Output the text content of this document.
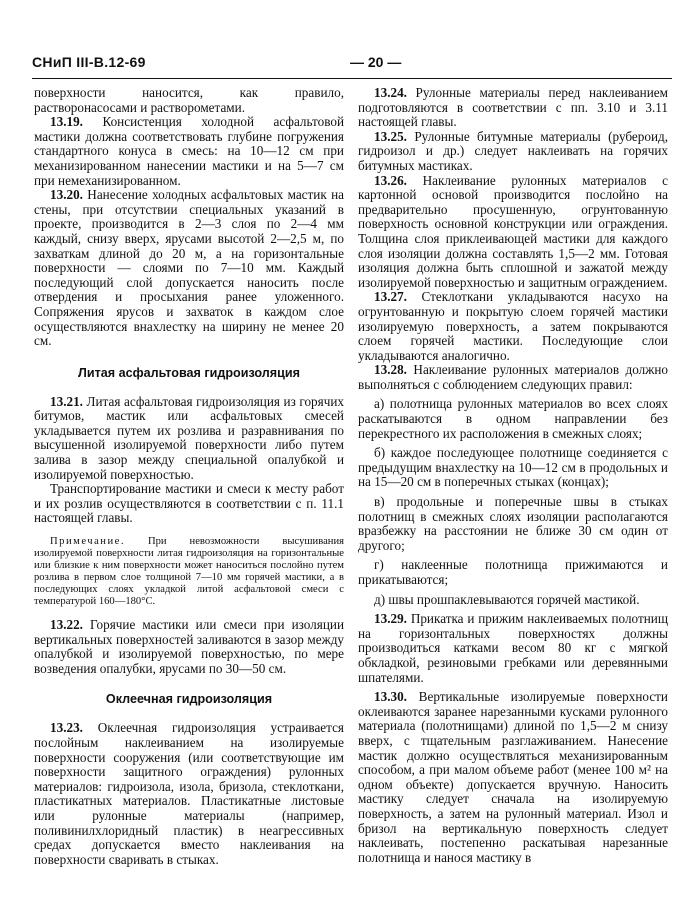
СНиП III-В.12-69	— 20 —

поверхности наносится, как правило, растворонасосами и растворометами.

13.19. Консистенция холодной асфальтовой мастики должна соответствовать глубине погружения стандартного конуса в смесь: на 10—12 см при механизированном нанесении мастики и на 5—7 см при немеханизированном.

13.20. Нанесение холодных асфальтовых мастик на стены, при отсутствии специальных указаний в проекте, производится в 2—3 слоя по 2—4 мм каждый, снизу вверх, ярусами высотой 2—2,5 м, по захваткам длиной до 20 м, а на горизонтальные поверхности — слоями по 7—10 мм. Каждый последующий слой допускается наносить после отвердения и просыхания ранее уложенного. Сопряжения ярусов и захваток в каждом слое осуществляются внахлестку на ширину не менее 20 см.

Литая асфальтовая гидроизоляция

13.21. Литая асфальтовая гидроизоляция из горячих битумов, мастик или асфальтовых смесей укладывается путем их розлива и разравнивания по высушенной изолируемой поверхности либо путем залива в зазор между специальной опалубкой и изолируемой поверхностью.

Транспортирование мастики и смеси к месту работ и их розлив осуществляются в соответствии с п. 11.1 настоящей главы.

Примечание. При невозможности высушивания изолируемой поверхности литая гидроизоляция на горизонтальные или близкие к ним поверхности может наноситься послойно путем розлива в первом слое толщиной 7—10 мм горячей мастики, а в последующих слоях укладкой литой асфальтовой смеси с температурой 160—180°С.

13.22. Горячие мастики или смеси при изоляции вертикальных поверхностей заливаются в зазор между опалубкой и изолируемой поверхностью, по мере возведения опалубки, ярусами по 30—50 см.

Оклеечная гидроизоляция

13.23. Оклеечная гидроизоляция устраивается послойным наклеиванием на изолируемые поверхности сооружения (или соответствующие им поверхности защитного ограждения) рулонных материалов: гидроизола, изола, бризола, стеклоткани, пластикатных материалов. Пластикатные листовые или рулонные материалы (например, поливинилхлоридный пластик) в неагрессивных средах допускается вместо наклеивания на поверхности сваривать в стыках.

13.24. Рулонные материалы перед наклеиванием подготовляются в соответствии с пп. 3.10 и 3.11 настоящей главы.

13.25. Рулонные битумные материалы (рубероид, гидроизол и др.) следует наклеивать на горячих битумных мастиках.

13.26. Наклеивание рулонных материалов с картонной основой производится послойно на предварительно просушенную, огрунтованную поверхность основной конструкции или ограждения. Толщина слоя приклеивающей мастики для каждого слоя изоляции должна составлять 1,5—2 мм. Готовая изоляция должна быть сплошной и зажатой между изолируемой поверхностью и защитным ограждением.

13.27. Стеклоткани укладываются насухо на огрунтованную и покрытую слоем горячей мастики изолируемую поверхность, а затем покрываются слоем горячей мастики. Последующие слои укладываются аналогично.

13.28. Наклеивание рулонных материалов должно выполняться с соблюдением следующих правил:

а) полотнища рулонных материалов во всех слоях раскатываются в одном направлении без перекрестного их расположения в смежных слоях;

б) каждое последующее полотнище соединяется с предыдущим внахлестку на 10—12 см в продольных и на 15—20 см в поперечных стыках (концах);

в) продольные и поперечные швы в стыках полотнищ в смежных слоях изоляции располагаются вразбежку на расстоянии не ближе 30 см один от другого;

г) наклеенные полотнища прижимаются и прикатываются;

д) швы прошпаклевываются горячей мастикой.

13.29. Прикатка и прижим наклеиваемых полотнищ на горизонтальных поверхностях должны производиться катками весом 80 кг с мягкой обкладкой, резиновыми гребками или деревянными шпателями.

13.30. Вертикальные изолируемые поверхности оклеиваются заранее нарезанными кусками рулонного материала (полотнищами) длиной по 1,5—2 м снизу вверх, с тщательным разглаживанием. Нанесение мастик должно осуществляться механизированным способом, а при малом объеме работ (менее 100 м² на одном объекте) допускается вручную. Наносить мастику следует сначала на изолируемую поверхность, а затем на рулонный материал. Изол и бризол на вертикальную поверхность следует наклеивать, постепенно раскатывая нарезанные полотнища и нанося мастику в
